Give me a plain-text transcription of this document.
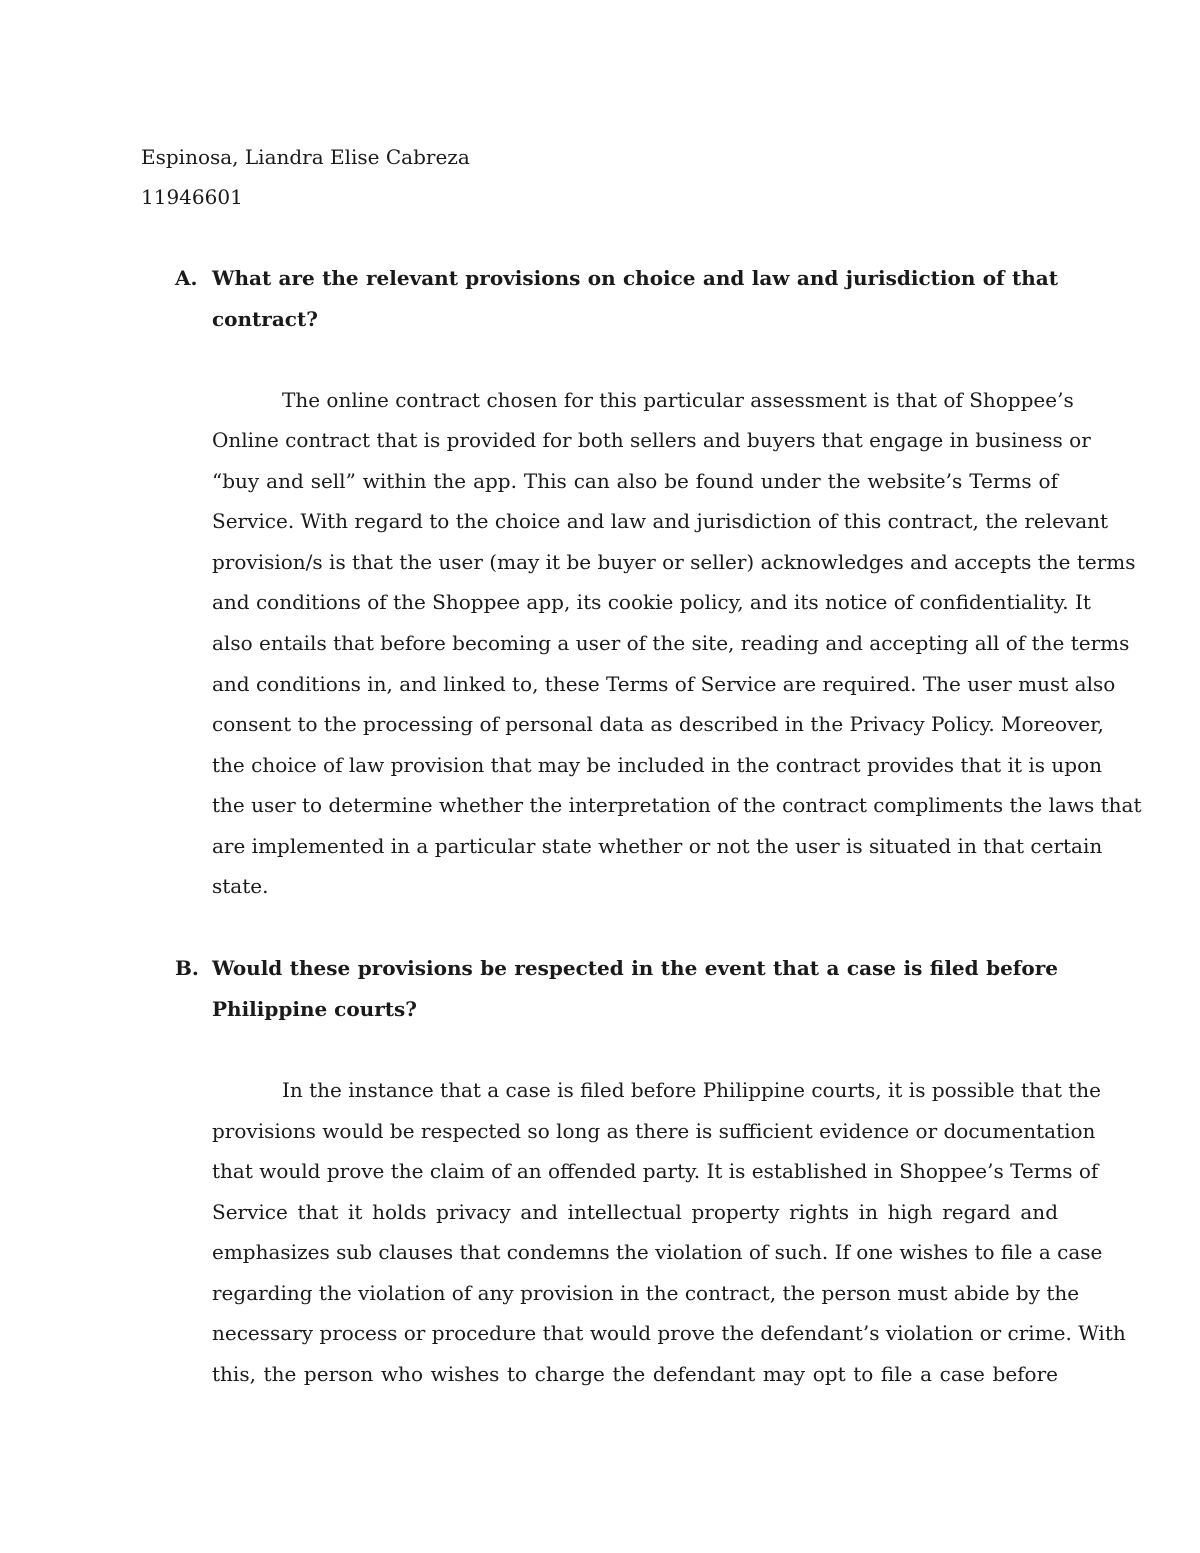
Espinosa, Liandra Elise Cabreza
11946601
A. What are the relevant provisions on choice and law and jurisdiction of that
contract?
The online contract chosen for this particular assessment is that of Shoppee’s
Online contract that is provided for both sellers and buyers that engage in business or
“buy and sell” within the app. This can also be found under the website’s Terms of
Service. With regard to the choice and law and jurisdiction of this contract, the relevant
provision/s is that the user (may it be buyer or seller) acknowledges and accepts the terms
and conditions of the Shoppee app, its cookie policy, and its notice of confidentiality. It
also entails that before becoming a user of the site, reading and accepting all of the terms
and conditions in, and linked to, these Terms of Service are required. The user must also
consent to the processing of personal data as described in the Privacy Policy. Moreover,
the choice of law provision that may be included in the contract provides that it is upon
the user to determine whether the interpretation of the contract compliments the laws that
are implemented in a particular state whether or not the user is situated in that certain
state.
B. Would these provisions be respected in the event that a case is filed before
Philippine courts?
In the instance that a case is filed before Philippine courts, it is possible that the
provisions would be respected so long as there is sufficient evidence or documentation
that would prove the claim of an offended party. It is established in Shoppee’s Terms of
Service that it holds privacy and intellectual property rights in high regard and
emphasizes sub clauses that condemns the violation of such. If one wishes to file a case
regarding the violation of any provision in the contract, the person must abide by the
necessary process or procedure that would prove the defendant’s violation or crime. With
this, the person who wishes to charge the defendant may opt to file a case before
